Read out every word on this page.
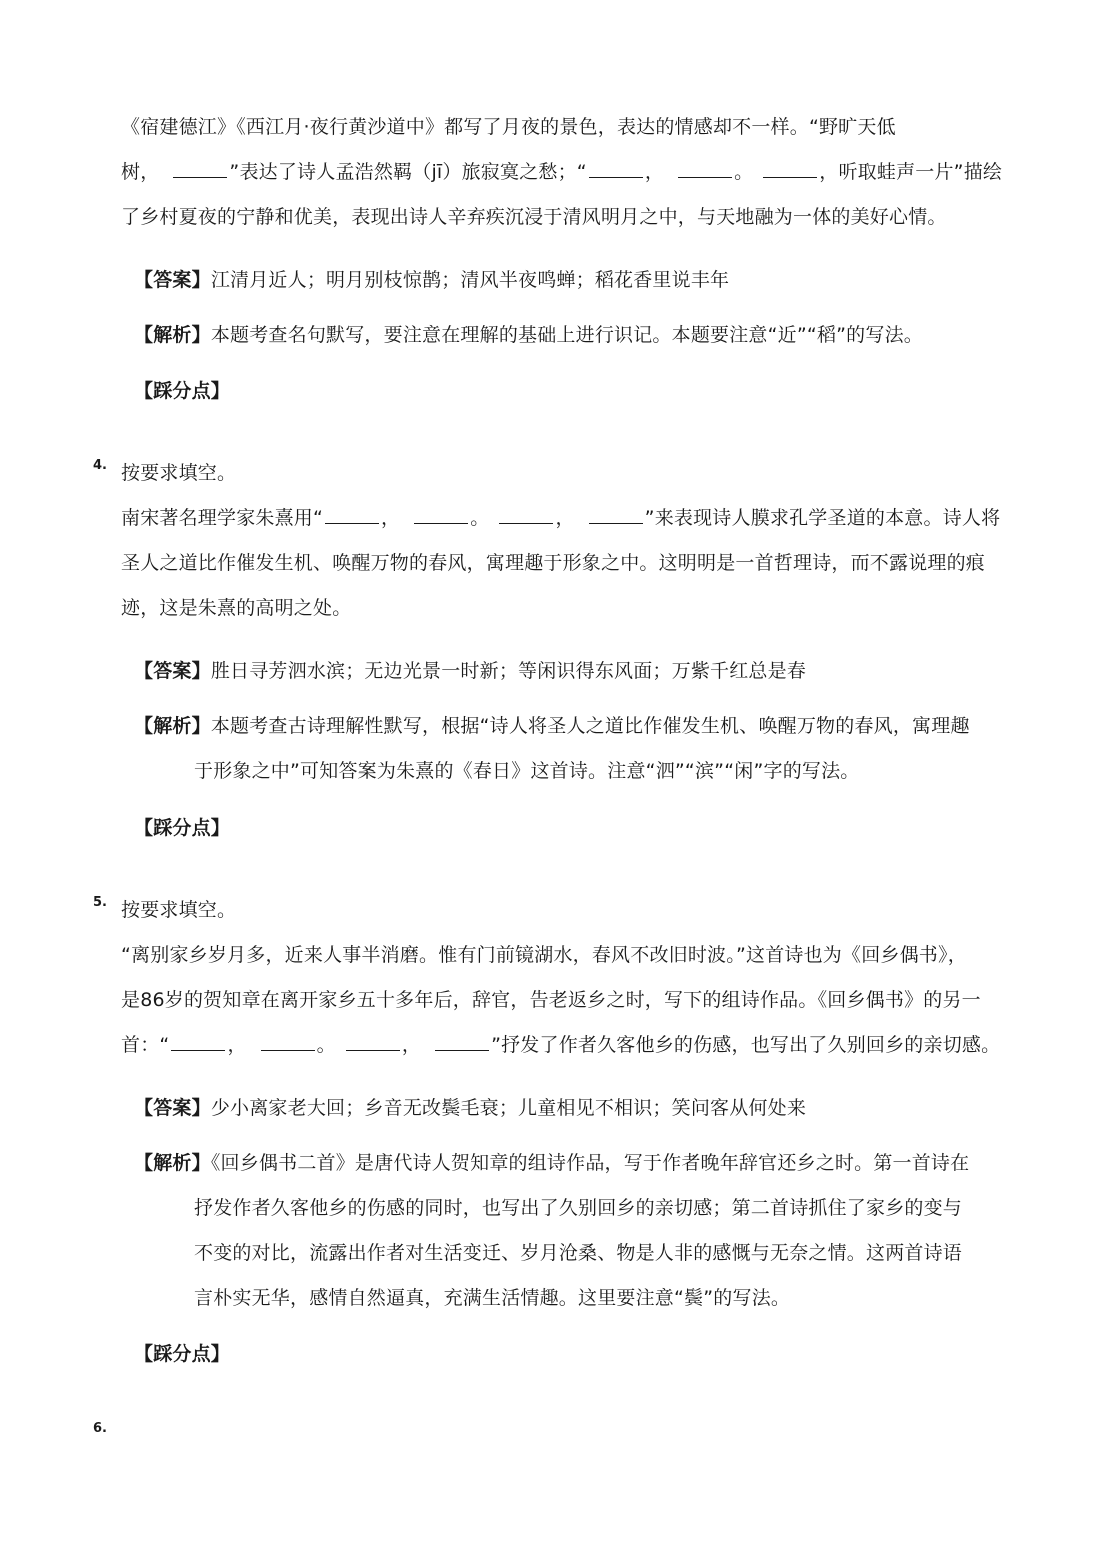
《宿建德江》《西江月·夜行黄沙道中》都写了月夜的景色，表达的情感却不一样。“野旷天低
树，	”表达了诗人孟浩然羁（jī）旅寂寞之愁；“	，	。	，听取蛙声一片”描绘
了乡村夏夜的宁静和优美，表现出诗人辛弃疾沉浸于清风明月之中，与天地融为一体的美好心情。
【答案】江清月近人；明月别枝惊鹊；清风半夜鸣蝉；稻花香里说丰年
【解析】本题考查名句默写，要注意在理解的基础上进行识记。本题要注意“近”“稻”的写法。
【踩分点】
4. 按要求填空。
南宋著名理学家朱熹用“	，	。	，	”来表现诗人膜求孔学圣道的本意。诗人将
圣人之道比作催发生机、唤醒万物的春风，寓理趣于形象之中。这明明是一首哲理诗，而不露说理的痕
迹，这是朱熹的高明之处。
【答案】胜日寻芳泗水滨；无边光景一时新；等闲识得东风面；万紫千红总是春
【解析】本题考查古诗理解性默写，根据“诗人将圣人之道比作催发生机、唤醒万物的春风，寓理趣
于形象之中”可知答案为朱熹的《春日》这首诗。注意“泗”“滨”“闲”字的写法。
【踩分点】
5. 按要求填空。
“离别家乡岁月多，近来人事半消磨。惟有门前镜湖水，春风不改旧时波。”这首诗也为《回乡偶书》，
是86岁的贺知章在离开家乡五十多年后，辞官，告老返乡之时，写下的组诗作品。《回乡偶书》的另一
首：“	，	。	，	”抒发了作者久客他乡的伤感，也写出了久别回乡的亲切感。
【答案】少小离家老大回；乡音无改鬓毛衰；儿童相见不相识；笑问客从何处来
【解析】《回乡偶书二首》是唐代诗人贺知章的组诗作品，写于作者晚年辞官还乡之时。第一首诗在
抒发作者久客他乡的伤感的同时，也写出了久别回乡的亲切感；第二首诗抓住了家乡的变与
不变的对比，流露出作者对生活变迁、岁月沧桑、物是人非的感慨与无奈之情。这两首诗语
言朴实无华，感情自然逼真，充满生活情趣。这里要注意“鬓”的写法。
【踩分点】
6.
